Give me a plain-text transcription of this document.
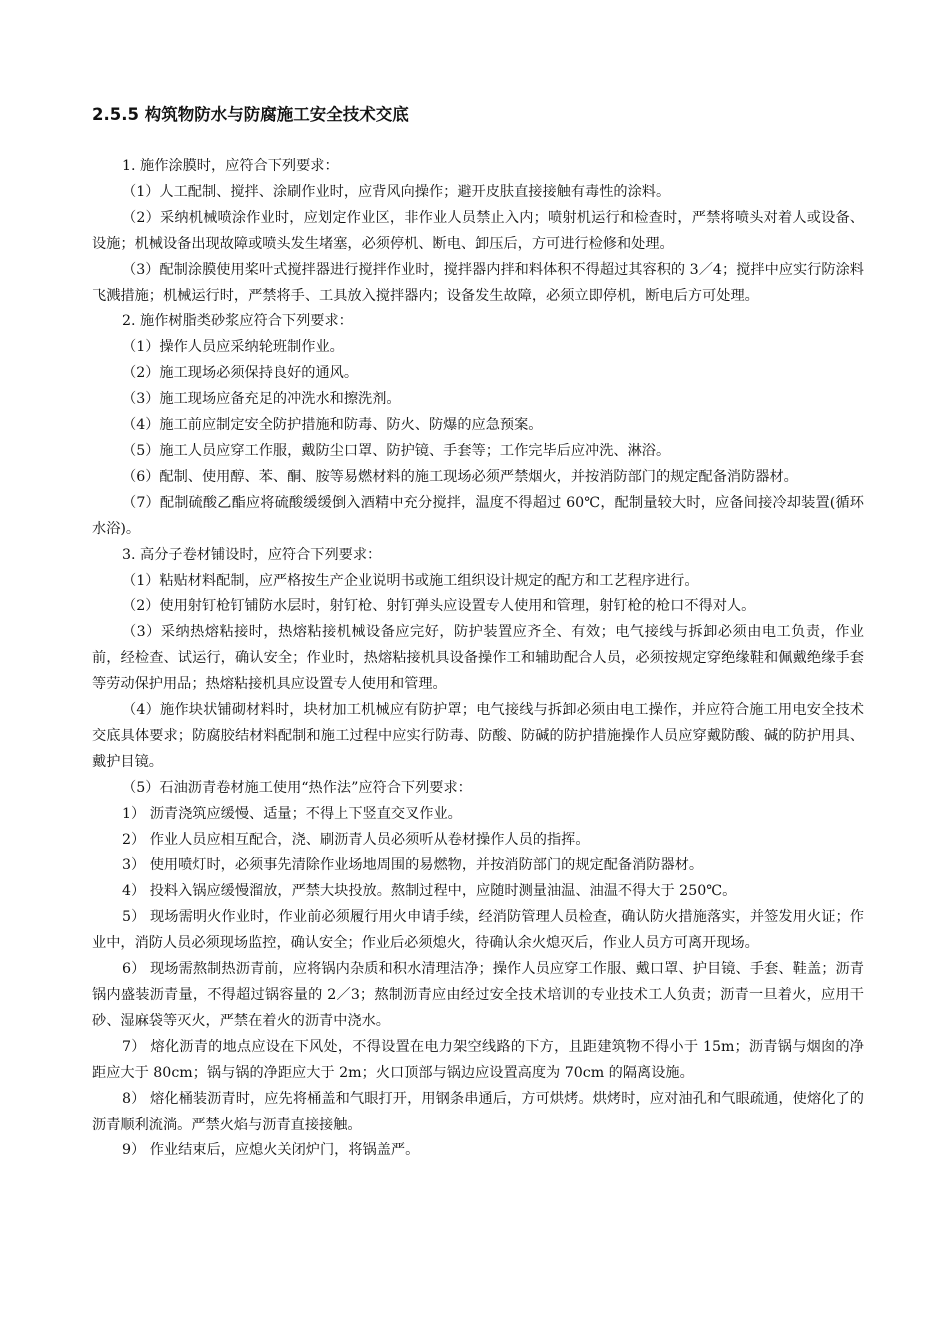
2.5.5 构筑物防水与防腐施工安全技术交底

1. 施作涂膜时，应符合下列要求：

（1）人工配制、搅拌、涂刷作业时，应背风向操作；避开皮肤直接接触有毒性的涂料。

（2）采纳机械喷涂作业时，应划定作业区，非作业人员禁止入内；喷射机运行和检查时，严禁将喷头对着人或设备、设施；机械设备出现故障或喷头发生堵塞，必须停机、断电、卸压后，方可进行检修和处理。

（3）配制涂膜使用桨叶式搅拌器进行搅拌作业时，搅拌器内拌和料体积不得超过其容积的 3／4；搅拌中应实行防涂料飞溅措施；机械运行时，严禁将手、工具放入搅拌器内；设备发生故障，必须立即停机，断电后方可处理。

2. 施作树脂类砂浆应符合下列要求：

（1）操作人员应采纳轮班制作业。

（2）施工现场必须保持良好的通风。

（3）施工现场应备充足的冲洗水和擦洗剂。

（4）施工前应制定安全防护措施和防毒、防火、防爆的应急预案。

（5）施工人员应穿工作服，戴防尘口罩、防护镜、手套等；工作完毕后应冲洗、淋浴。

（6）配制、使用醇、苯、酮、胺等易燃材料的施工现场必须严禁烟火，并按消防部门的规定配备消防器材。

（7）配制硫酸乙酯应将硫酸缓缓倒入酒精中充分搅拌，温度不得超过 60℃，配制量较大时，应备间接冷却装置(循环水浴)。

3. 高分子卷材铺设时，应符合下列要求：

（1）粘贴材料配制，应严格按生产企业说明书或施工组织设计规定的配方和工艺程序进行。

（2）使用射钉枪钉铺防水层时，射钉枪、射钉弹头应设置专人使用和管理，射钉枪的枪口不得对人。

（3）采纳热熔粘接时，热熔粘接机械设备应完好，防护装置应齐全、有效；电气接线与拆卸必须由电工负责，作业前，经检查、试运行，确认安全；作业时，热熔粘接机具设备操作工和辅助配合人员，必须按规定穿绝缘鞋和佩戴绝缘手套等劳动保护用品；热熔粘接机具应设置专人使用和管理。

（4）施作块状铺砌材料时，块材加工机械应有防护罩；电气接线与拆卸必须由电工操作，并应符合施工用电安全技术交底具体要求；防腐胶结材料配制和施工过程中应实行防毒、防酸、防碱的防护措施操作人员应穿戴防酸、碱的防护用具、戴护目镜。

（5）石油沥青卷材施工使用“热作法”应符合下列要求：

1） 沥青浇筑应缓慢、适量；不得上下竖直交叉作业。

2） 作业人员应相互配合，浇、刷沥青人员必须听从卷材操作人员的指挥。

3） 使用喷灯时，必须事先清除作业场地周围的易燃物，并按消防部门的规定配备消防器材。

4） 投料入锅应缓慢溜放，严禁大块投放。熬制过程中，应随时测量油温、油温不得大于 250℃。

5） 现场需明火作业时，作业前必须履行用火申请手续，经消防管理人员检查，确认防火措施落实，并签发用火证；作业中，消防人员必须现场监控，确认安全；作业后必须熄火，待确认余火熄灭后，作业人员方可离开现场。

6） 现场需熬制热沥青前，应将锅内杂质和积水清理洁净；操作人员应穿工作服、戴口罩、护目镜、手套、鞋盖；沥青锅内盛装沥青量，不得超过锅容量的 2／3；熬制沥青应由经过安全技术培训的专业技术工人负责；沥青一旦着火，应用干砂、湿麻袋等灭火，严禁在着火的沥青中浇水。

7） 熔化沥青的地点应设在下风处，不得设置在电力架空线路的下方，且距建筑物不得小于 15m；沥青锅与烟囱的净距应大于 80cm；锅与锅的净距应大于 2m；火口顶部与锅边应设置高度为 70cm 的隔离设施。

8） 熔化桶装沥青时，应先将桶盖和气眼打开，用钢条串通后，方可烘烤。烘烤时，应对油孔和气眼疏通，使熔化了的沥青顺利流淌。严禁火焰与沥青直接接触。

9） 作业结束后，应熄火关闭炉门，将锅盖严。
